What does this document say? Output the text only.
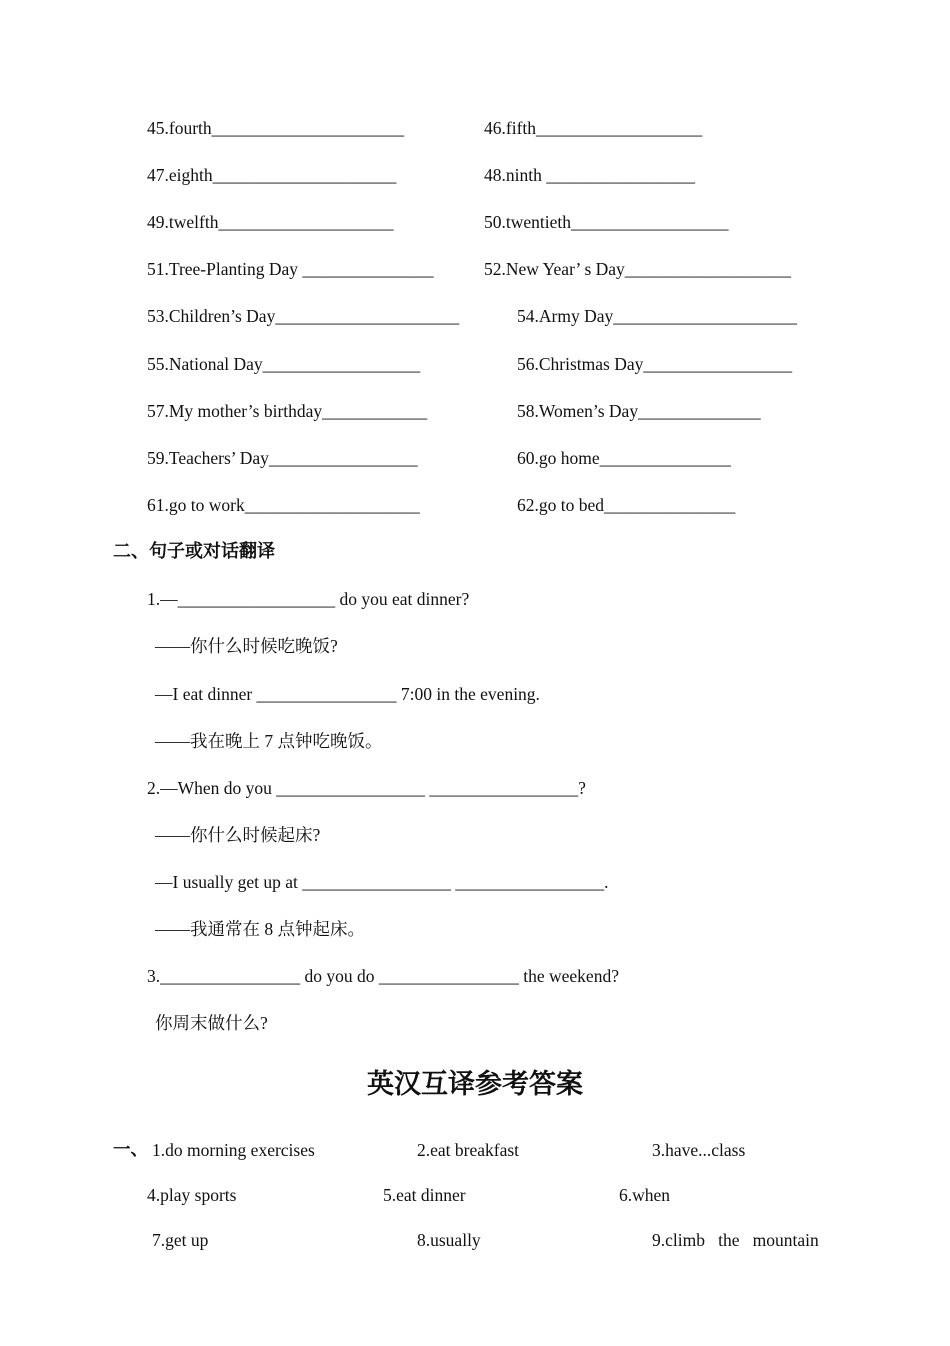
45.fourth______________________	46.fifth___________________
47.eighth_____________________	48.ninth _________________
49.twelfth____________________	50.twentieth__________________
51.Tree-Planting Day _______________	52.New Year’ s Day___________________
53.Children’s Day_____________________	54.Army Day_____________________
55.National Day__________________	56.Christmas Day_________________
57.My mother’s birthday____________	58.Women’s Day______________
59.Teachers’ Day_________________	60.go home_______________
61.go to work____________________	62.go to bed_______________
二、句子或对话翻译
1.—__________________ do you eat dinner?
——你什么时候吃晚饭?
—I eat dinner ________________ 7:00 in the evening.
——我在晚上 7 点钟吃晚饭。
2.—When do you _________________ _________________?
——你什么时候起床?
—I usually get up at _________________ _________________.
——我通常在 8 点钟起床。
3.________________ do you do ________________ the weekend?
你周末做什么?
英汉互译参考答案
一、 1.do morning exercises	2.eat breakfast	3.have...class
4.play sports	5.eat dinner	6.when
7.get up	8.usually	9.climb   the   mountain
